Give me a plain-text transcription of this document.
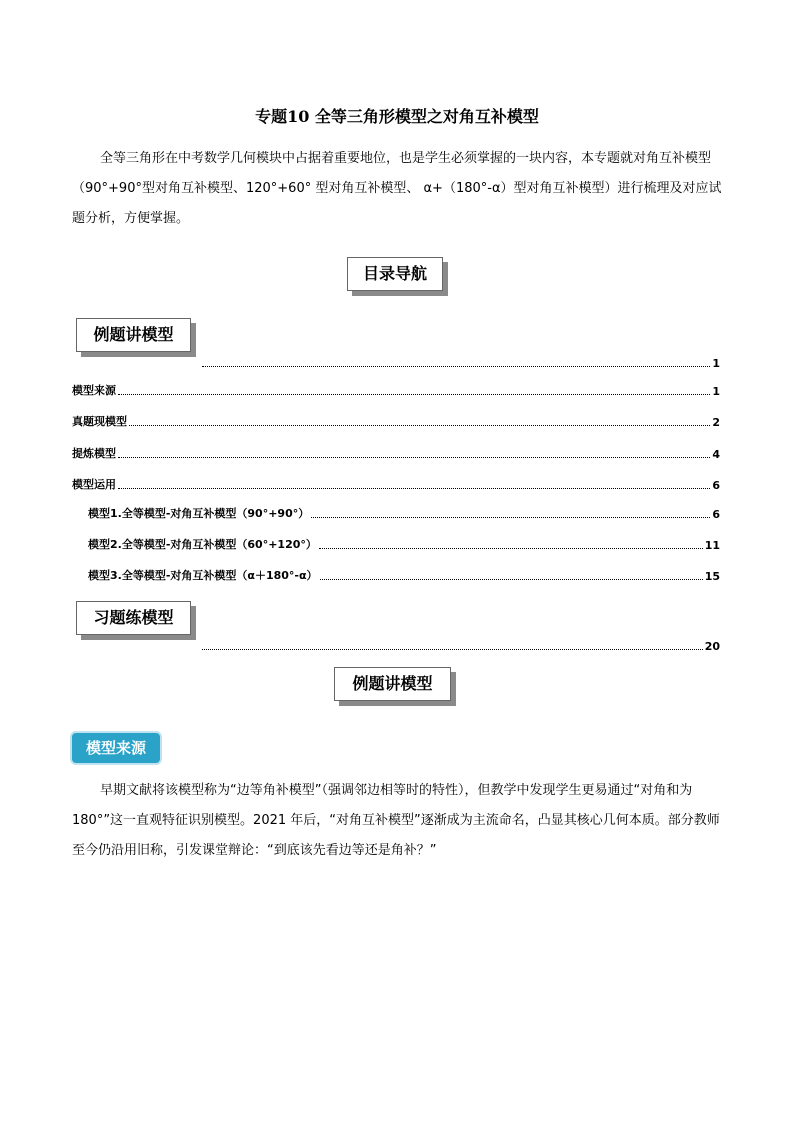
专题10 全等三角形模型之对角互补模型

全等三角形在中考数学几何模块中占据着重要地位，也是学生必须掌握的一块内容，本专题就对角互补模型（90°+90°型对角互补模型、120°+60° 型对角互补模型、 α+（180°-α）型对角互补模型）进行梳理及对应试题分析，方便掌握。

目录导航
例题讲模型
1
模型来源	1
真题现模型	2
提炼模型	4
模型运用	6
模型1.全等模型-对角互补模型（90°+90°）	6
模型2.全等模型-对角互补模型（60°+120°）	11
模型3.全等模型-对角互补模型（α＋180°-α）	15
习题练模型
20
例题讲模型
模型来源

早期文献将该模型称为“边等角补模型”（强调邻边相等时的特性），但教学中发现学生更易通过“对角和为 180°”这一直观特征识别模型。2021 年后，“对角互补模型”逐渐成为主流命名，凸显其核心几何本质。部分教师至今仍沿用旧称，引发课堂辩论：“到底该先看边等还是角补？”
